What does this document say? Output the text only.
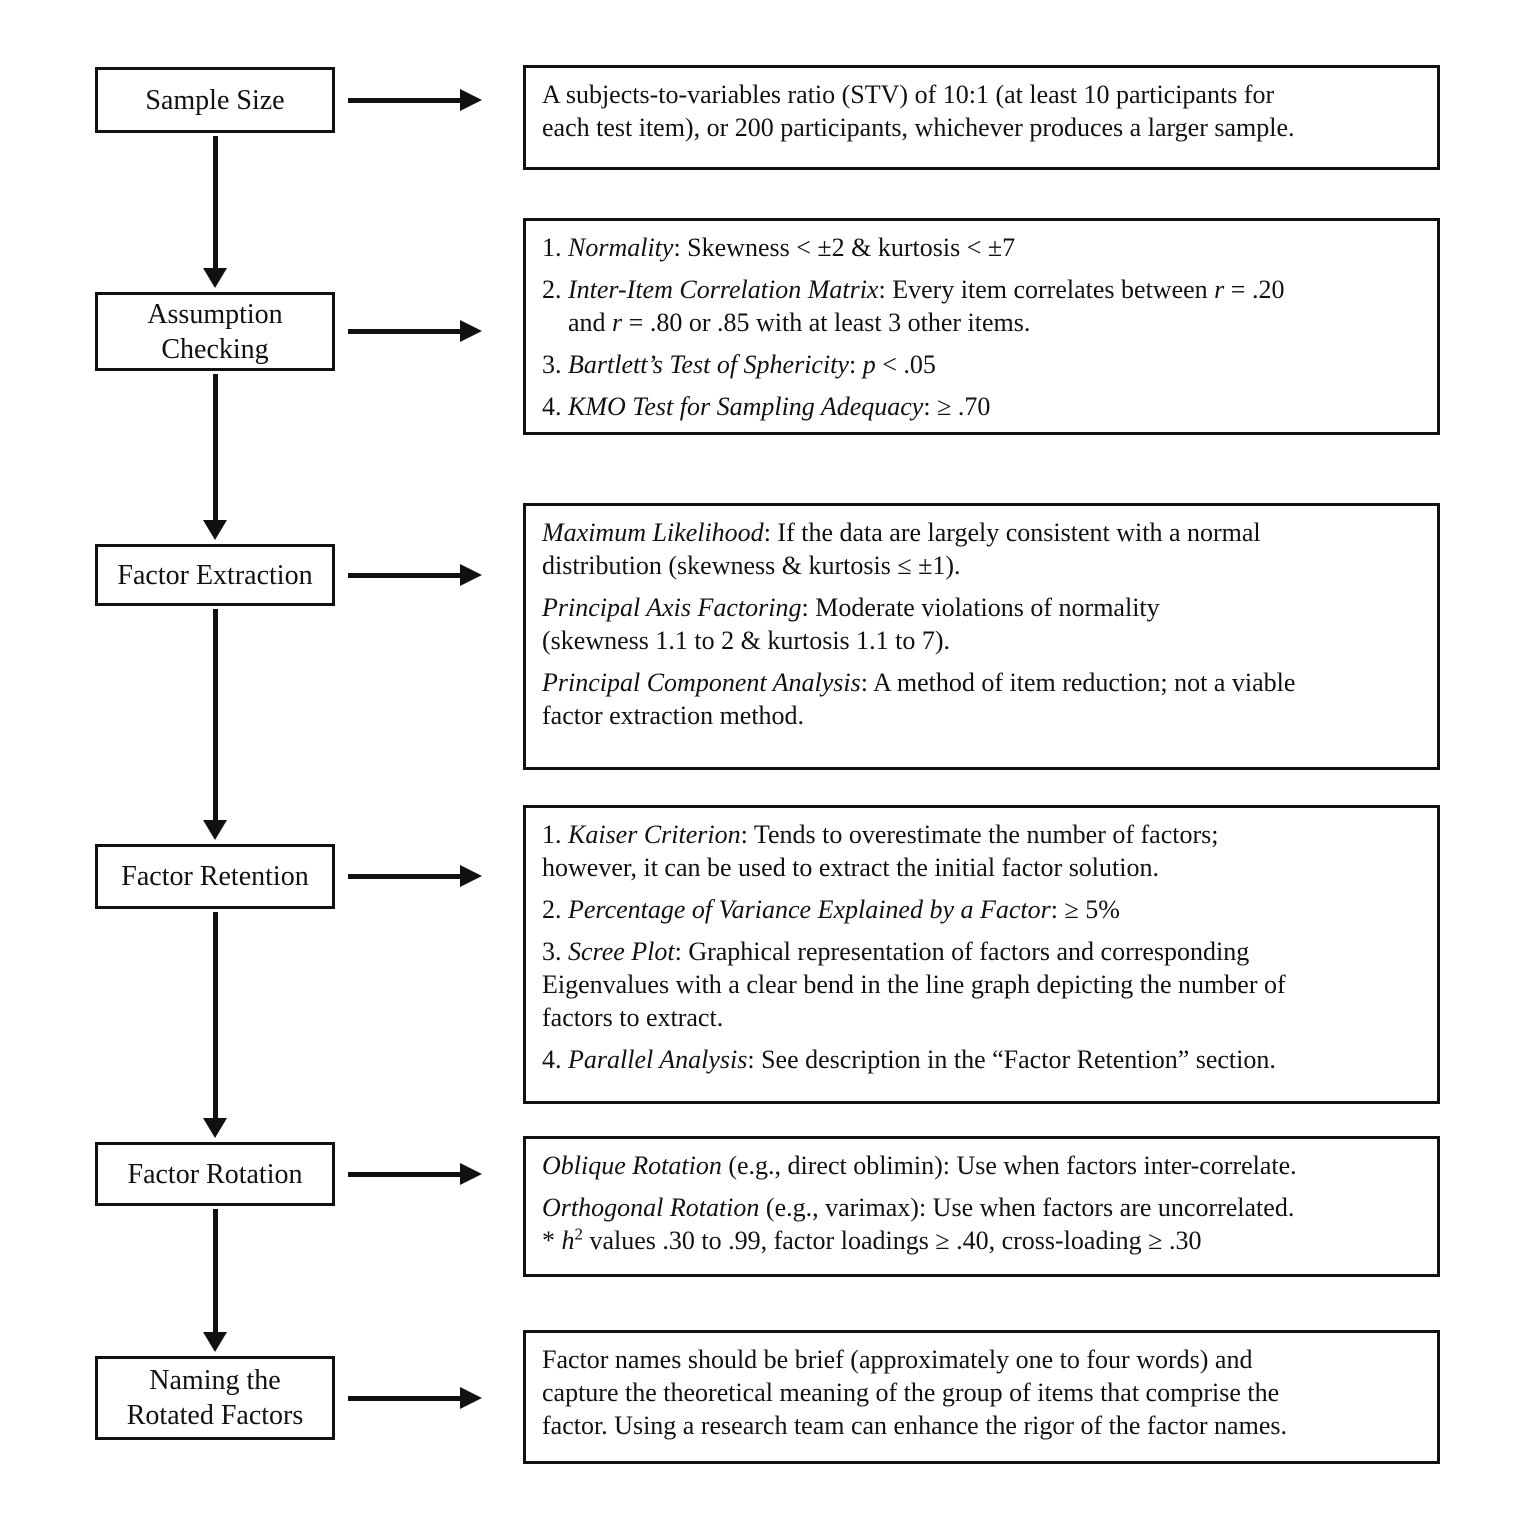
Sample Size
Assumption Checking
Factor Extraction
Factor Retention
Factor Rotation
Naming the Rotated Factors

A subjects-to-variables ratio (STV) of 10:1 (at least 10 participants for
each test item), or 200 participants, whichever produces a larger sample.

1. Normality: Skewness < ±2 & kurtosis < ±7

2. Inter-Item Correlation Matrix: Every item correlates between r = .20
and r = .80 or .85 with at least 3 other items.

3. Bartlett’s Test of Sphericity: p < .05

4. KMO Test for Sampling Adequacy: ≥ .70

Maximum Likelihood: If the data are largely consistent with a normal
distribution (skewness & kurtosis ≤ ±1).

Principal Axis Factoring: Moderate violations of normality
(skewness 1.1 to 2 & kurtosis 1.1 to 7).

Principal Component Analysis: A method of item reduction; not a viable
factor extraction method.

1. Kaiser Criterion: Tends to overestimate the number of factors;
however, it can be used to extract the initial factor solution.

2. Percentage of Variance Explained by a Factor: ≥ 5%

3. Scree Plot: Graphical representation of factors and corresponding
Eigenvalues with a clear bend in the line graph depicting the number of
factors to extract.

4. Parallel Analysis: See description in the “Factor Retention” section.

Oblique Rotation (e.g., direct oblimin): Use when factors inter-correlate.

Orthogonal Rotation (e.g., varimax): Use when factors are uncorrelated.
* $h^2$ values .30 to .99, factor loadings ≥ .40, cross-loading ≥ .30

Factor names should be brief (approximately one to four words) and
capture the theoretical meaning of the group of items that comprise the
factor. Using a research team can enhance the rigor of the factor names.
